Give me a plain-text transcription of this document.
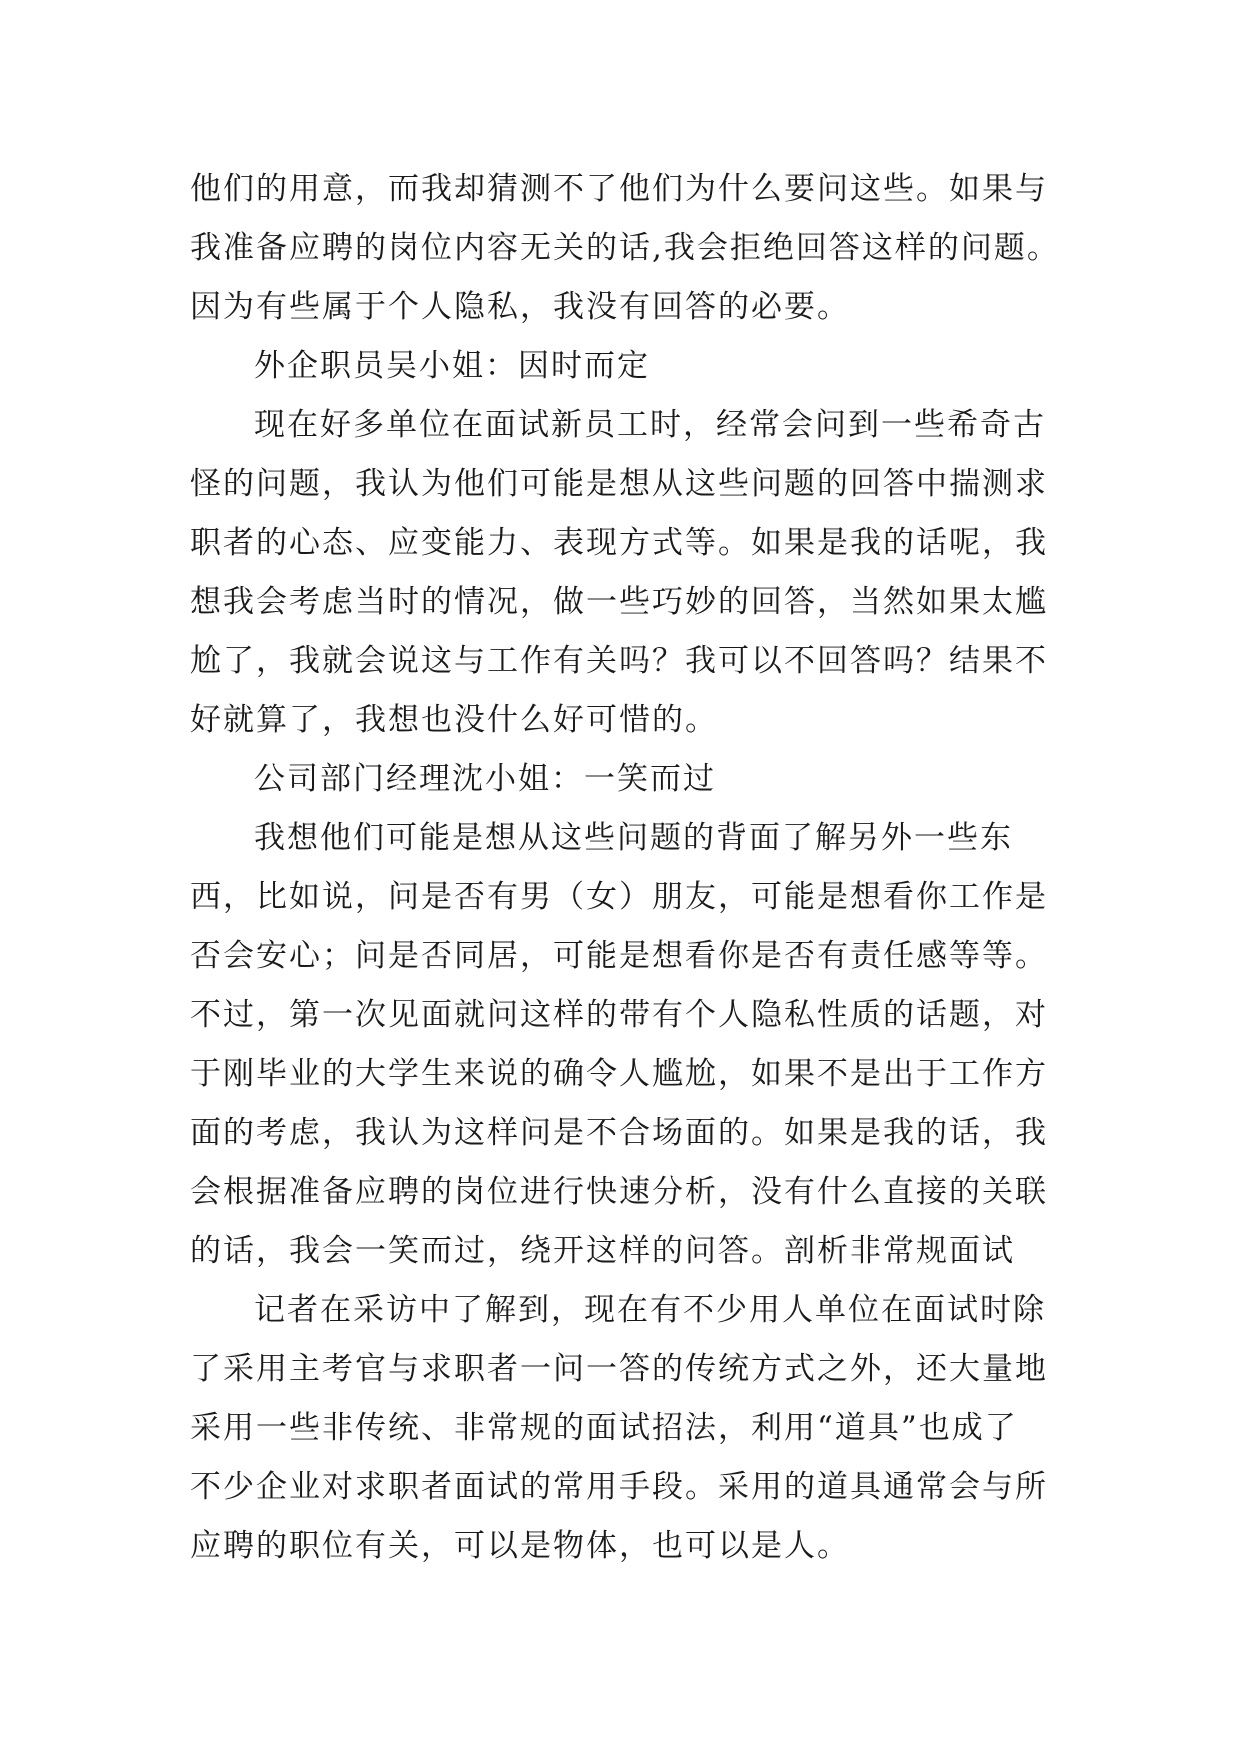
他们的用意，而我却猜测不了他们为什么要问这些。如果与
我准备应聘的岗位内容无关的话,我会拒绝回答这样的问题。
因为有些属于个人隐私，我没有回答的必要。
外企职员吴小姐：因时而定
现在好多单位在面试新员工时，经常会问到一些希奇古
怪的问题，我认为他们可能是想从这些问题的回答中揣测求
职者的心态、应变能力、表现方式等。如果是我的话呢，我
想我会考虑当时的情况，做一些巧妙的回答，当然如果太尴
尬了，我就会说这与工作有关吗？我可以不回答吗？结果不
好就算了，我想也没什么好可惜的。
公司部门经理沈小姐：一笑而过
我想他们可能是想从这些问题的背面了解另外一些东
西，比如说，问是否有男（女）朋友，可能是想看你工作是
否会安心；问是否同居，可能是想看你是否有责任感等等。
不过，第一次见面就问这样的带有个人隐私性质的话题，对
于刚毕业的大学生来说的确令人尴尬，如果不是出于工作方
面的考虑，我认为这样问是不合场面的。如果是我的话，我
会根据准备应聘的岗位进行快速分析，没有什么直接的关联
的话，我会一笑而过，绕开这样的问答。剖析非常规面试
记者在采访中了解到，现在有不少用人单位在面试时除
了采用主考官与求职者一问一答的传统方式之外，还大量地
采用一些非传统、非常规的面试招法，利用“道具”也成了
不少企业对求职者面试的常用手段。采用的道具通常会与所
应聘的职位有关，可以是物体，也可以是人。
